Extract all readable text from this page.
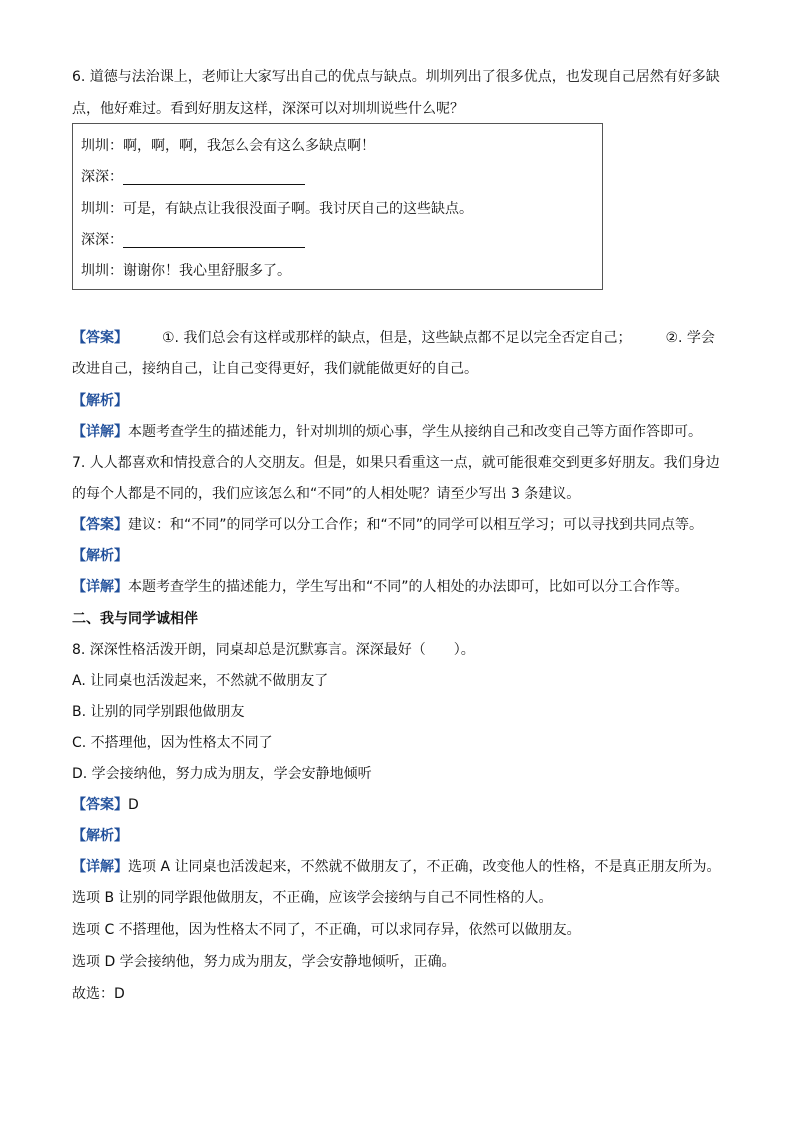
6. 道德与法治课上，老师让大家写出自己的优点与缺点。圳圳列出了很多优点，也发现自己居然有好多缺
点，他好难过。看到好朋友这样，深深可以对圳圳说些什么呢？
圳圳：啊，啊，啊，我怎么会有这么多缺点啊！
深深：
圳圳：可是，有缺点让我很没面子啊。我讨厌自己的这些缺点。
深深：
圳圳：谢谢你！我心里舒服多了。
【答案】 ①. 我们总会有这样或那样的缺点，但是，这些缺点都不足以完全否定自己； ②. 学会
改进自己，接纳自己，让自己变得更好，我们就能做更好的自己。
【解析】
【详解】本题考查学生的描述能力，针对圳圳的烦心事，学生从接纳自己和改变自己等方面作答即可。
7. 人人都喜欢和情投意合的人交朋友。但是，如果只看重这一点，就可能很难交到更多好朋友。我们身边
的每个人都是不同的，我们应该怎么和“不同”的人相处呢？请至少写出 3 条建议。
【答案】建议：和“不同”的同学可以分工合作；和“不同”的同学可以相互学习；可以寻找到共同点等。
【解析】
【详解】本题考查学生的描述能力，学生写出和“不同”的人相处的办法即可，比如可以分工合作等。
二、我与同学诚相伴
8. 深深性格活泼开朗，同桌却总是沉默寡言。深深最好（　　）。
A. 让同桌也活泼起来，不然就不做朋友了
B. 让别的同学别跟他做朋友
C. 不搭理他，因为性格太不同了
D. 学会接纳他，努力成为朋友，学会安静地倾听
【答案】D
【解析】
【详解】选项 A 让同桌也活泼起来，不然就不做朋友了，不正确，改变他人的性格，不是真正朋友所为。
选项 B 让别的同学跟他做朋友，不正确，应该学会接纳与自己不同性格的人。
选项 C 不搭理他，因为性格太不同了，不正确，可以求同存异，依然可以做朋友。
选项 D 学会接纳他，努力成为朋友，学会安静地倾听，正确。
故选：D
